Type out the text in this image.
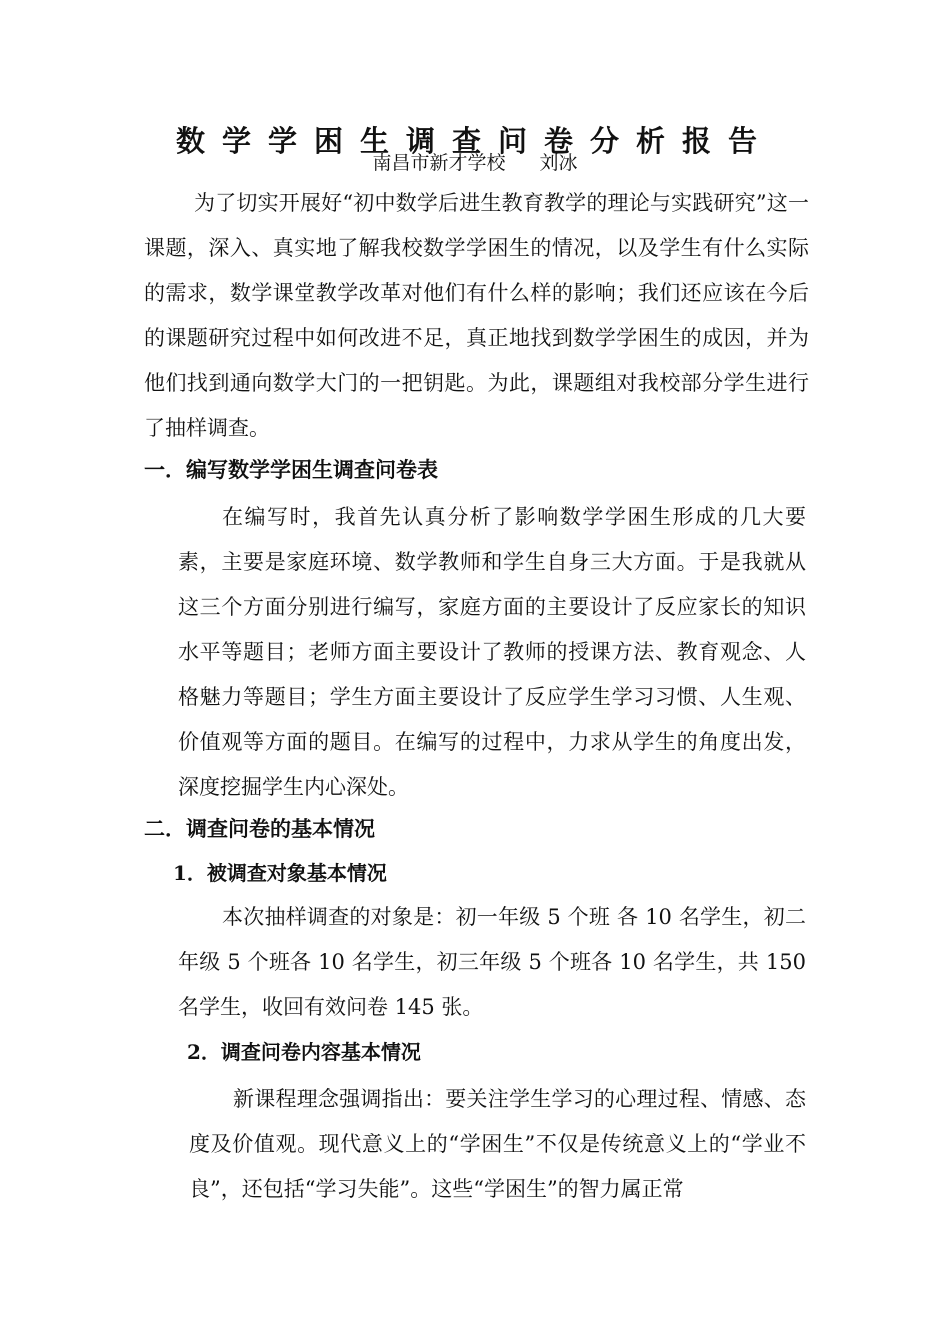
数学学困生调查问卷分析报告
南昌市新才学校 刘冰

为了切实开展好“初中数学后进生教育教学的理论与实践研究”这一课题，深入、真实地了解我校数学学困生的情况，以及学生有什么实际的需求，数学课堂教学改革对他们有什么样的影响；我们还应该在今后的课题研究过程中如何改进不足，真正地找到数学学困生的成因，并为他们找到通向数学大门的一把钥匙。为此，课题组对我校部分学生进行了抽样调查。

一．编写数学学困生调查问卷表

在编写时，我首先认真分析了影响数学学困生形成的几大要素，主要是家庭环境、数学教师和学生自身三大方面。于是我就从这三个方面分别进行编写，家庭方面的主要设计了反应家长的知识水平等题目；老师方面主要设计了教师的授课方法、教育观念、人格魅力等题目；学生方面主要设计了反应学生学习习惯、人生观、价值观等方面的题目。在编写的过程中，力求从学生的角度出发，深度挖掘学生内心深处。

二．调查问卷的基本情况
1．被调查对象基本情况

本次抽样调查的对象是：初一年级 5 个班 各 10 名学生，初二年级 5 个班各 10 名学生，初三年级 5 个班各 10 名学生，共 150 名学生，收回有效问卷 145 张。

2．调查问卷内容基本情况

新课程理念强调指出：要关注学生学习的心理过程、情感、态度及价值观。现代意义上的“学困生”不仅是传统意义上的“学业不良”，还包括“学习失能”。这些“学困生”的智力属正常
